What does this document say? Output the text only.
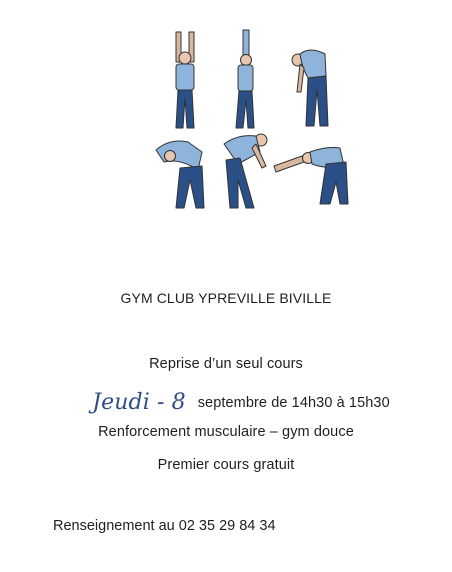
GYM CLUB YPREVILLE BIVILLE
Reprise d’un seul cours
Jeudi - 8 septembre de 14h30 à 15h30
Renforcement musculaire – gym douce
Premier cours gratuit
Renseignement au 02 35 29 84 34
